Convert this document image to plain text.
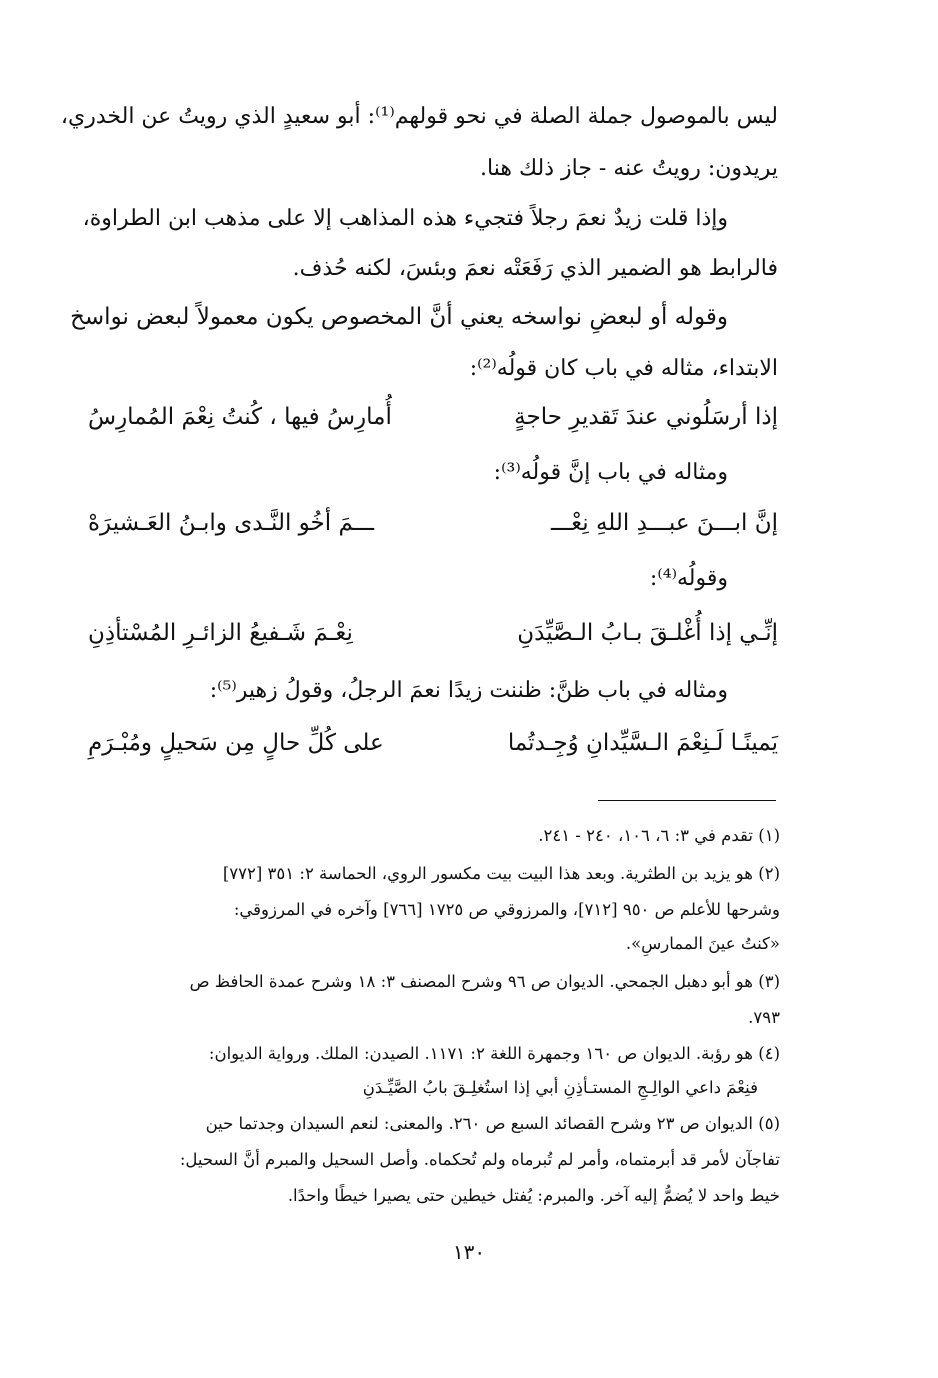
ليس بالموصول جملة الصلة في نحو قولهم⁽¹⁾: أبو سعيدٍ الذي رويتُ عن الخدري،
يريدون: رويتُ عنه - جاز ذلك هنا.
وإذا قلت زيدٌ نعمَ رجلاً فتجيء هذه المذاهب إلا على مذهب ابن الطراوة،
فالرابط هو الضمير الذي رَفَعَتْه نعمَ وبئسَ، لكنه حُذف.
وقوله أو لبعضِ نواسخه يعني أنَّ المخصوص يكون معمولاً لبعض نواسخ
الابتداء، مثاله في باب كان قولُه⁽²⁾:
ومثاله في باب إنَّ قولُه⁽³⁾:
وقولُه⁽⁴⁾:
ومثاله في باب ظنَّ: ظننت زيدًا نعمَ الرجلُ، وقولُ زهير⁽⁵⁾:
إذا أرسَلُوني عندَ تَقديرِ حاجةٍ
أُمارِسُ فيها ، كُنتُ نِعْمَ المُمارِسُ
إنَّ ابـــنَ عبـــدِ اللهِ نِعْـــ
ـــمَ أخُو النَّـدى وابـنُ العَـشيرَهْ
إنِّـي إذا أُغْلـقَ بـابُ الـصَّيِّدَنِ
نِعْـمَ شَـفيعُ الزائـرِ المُسْتأذِنِ
يَمينًـا لَـنِعْمَ الـسَّيِّدانِ وُجِـدتُما
على كُلِّ حالٍ مِن سَحيلٍ ومُبْـرَمِ
(١) تقدم في ٣: ٦، ١٠٦، ٢٤٠ - ٢٤١.
(٢) هو يزيد بن الطثرية. وبعد هذا البيت بيت مكسور الروي، الحماسة ٢: ٣٥١ [٧٧٢]
وشرحها للأعلم ص ٩٥٠ [٧١٢]، والمرزوقي ص ١٧٢٥ [٧٦٦] وآخره في المرزوقي:
«كنتُ عينَ الممارسِ».
(٣) هو أبو دهبل الجمحي. الديوان ص ٩٦ وشرح المصنف ٣: ١٨ وشرح عمدة الحافظ ص
٧٩٣.
(٤) هو رؤبة. الديوان ص ١٦٠ وجمهرة اللغة ٢: ١١٧١. الصيدن: الملك. ورواية الديوان:
فنِعْمَ داعي الوالِـجِ المستـأذِنِ أبي إذا استُغلِـقَ بابُ الصَّيِّـدَنِ
(٥) الديوان ص ٢٣ وشرح القصائد السبع ص ٢٦٠. والمعنى: لنعم السيدان وجدتما حين
تفاجآن لأمر قد أبرمتماه، وأمر لم تُبرماه ولم تُحكماه. وأصل السحيل والمبرم أنَّ السحيل:
خيط واحد لا يُضمُّ إليه آخر. والمبرم: يُفتل خيطين حتى يصيرا خيطًا واحدًا.
١٣٠
